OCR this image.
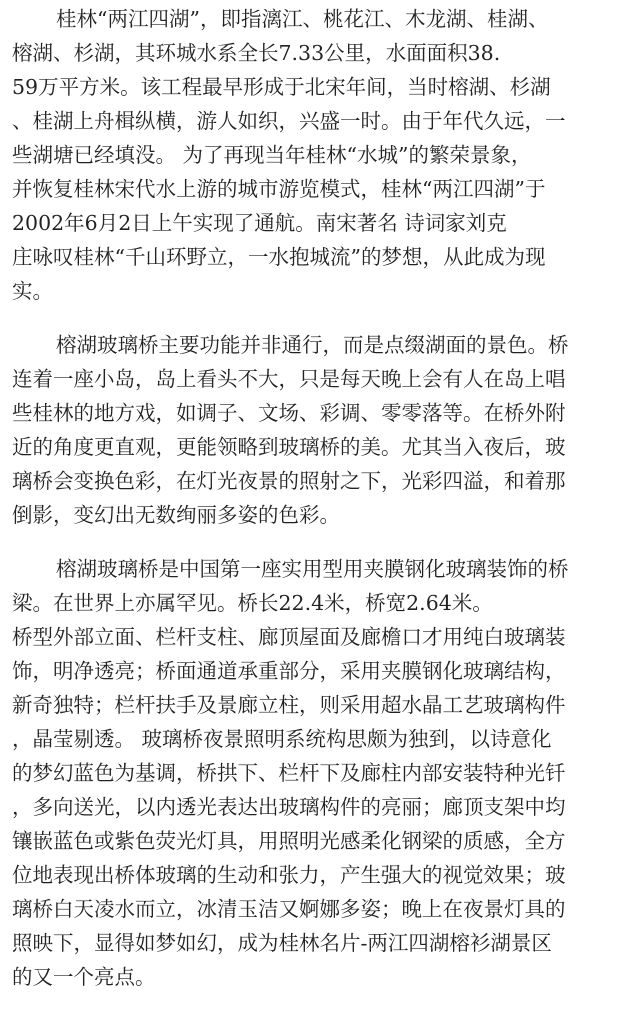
桂林“两江四湖”，即指漓江、桃花江、木龙湖、桂湖、
榕湖、杉湖，其环城水系全长7.33公里，水面面积38.
59万平方米。该工程最早形成于北宋年间，当时榕湖、杉湖
、桂湖上舟楫纵横，游人如织，兴盛一时。由于年代久远，一
些湖塘已经填没。 为了再现当年桂林“水城”的繁荣景象，
并恢复桂林宋代水上游的城市游览模式，桂林“两江四湖”于
2002年6月2日上午实现了通航。南宋著名 诗词家刘克
庄咏叹桂林“千山环野立，一水抱城流”的梦想，从此成为现
实。
榕湖玻璃桥主要功能并非通行，而是点缀湖面的景色。桥
连着一座小岛，岛上看头不大，只是每天晚上会有人在岛上唱
些桂林的地方戏，如调子、文场、彩调、零零落等。在桥外附
近的角度更直观，更能领略到玻璃桥的美。尤其当入夜后，玻
璃桥会变换色彩，在灯光夜景的照射之下，光彩四溢，和着那
倒影，变幻出无数绚丽多姿的色彩。
榕湖玻璃桥是中国第一座实用型用夹膜钢化玻璃装饰的桥
梁。在世界上亦属罕见。桥长22.4米，桥宽2.64米。
桥型外部立面、栏杆支柱、廊顶屋面及廊檐口才用纯白玻璃装
饰，明净透亮；桥面通道承重部分，采用夹膜钢化玻璃结构，
新奇独特；栏杆扶手及景廊立柱，则采用超水晶工艺玻璃构件
，晶莹剔透。 玻璃桥夜景照明系统构思颇为独到，以诗意化
的梦幻蓝色为基调，桥拱下、栏杆下及廊柱内部安装特种光钎
，多向送光，以内透光表达出玻璃构件的亮丽；廊顶支架中均
镶嵌蓝色或紫色荧光灯具，用照明光感柔化钢梁的质感，全方
位地表现出桥体玻璃的生动和张力，产生强大的视觉效果；玻
璃桥白天凌水而立，冰清玉洁又婀娜多姿；晚上在夜景灯具的
照映下，显得如梦如幻，成为桂林名片-两江四湖榕衫湖景区
的又一个亮点。
